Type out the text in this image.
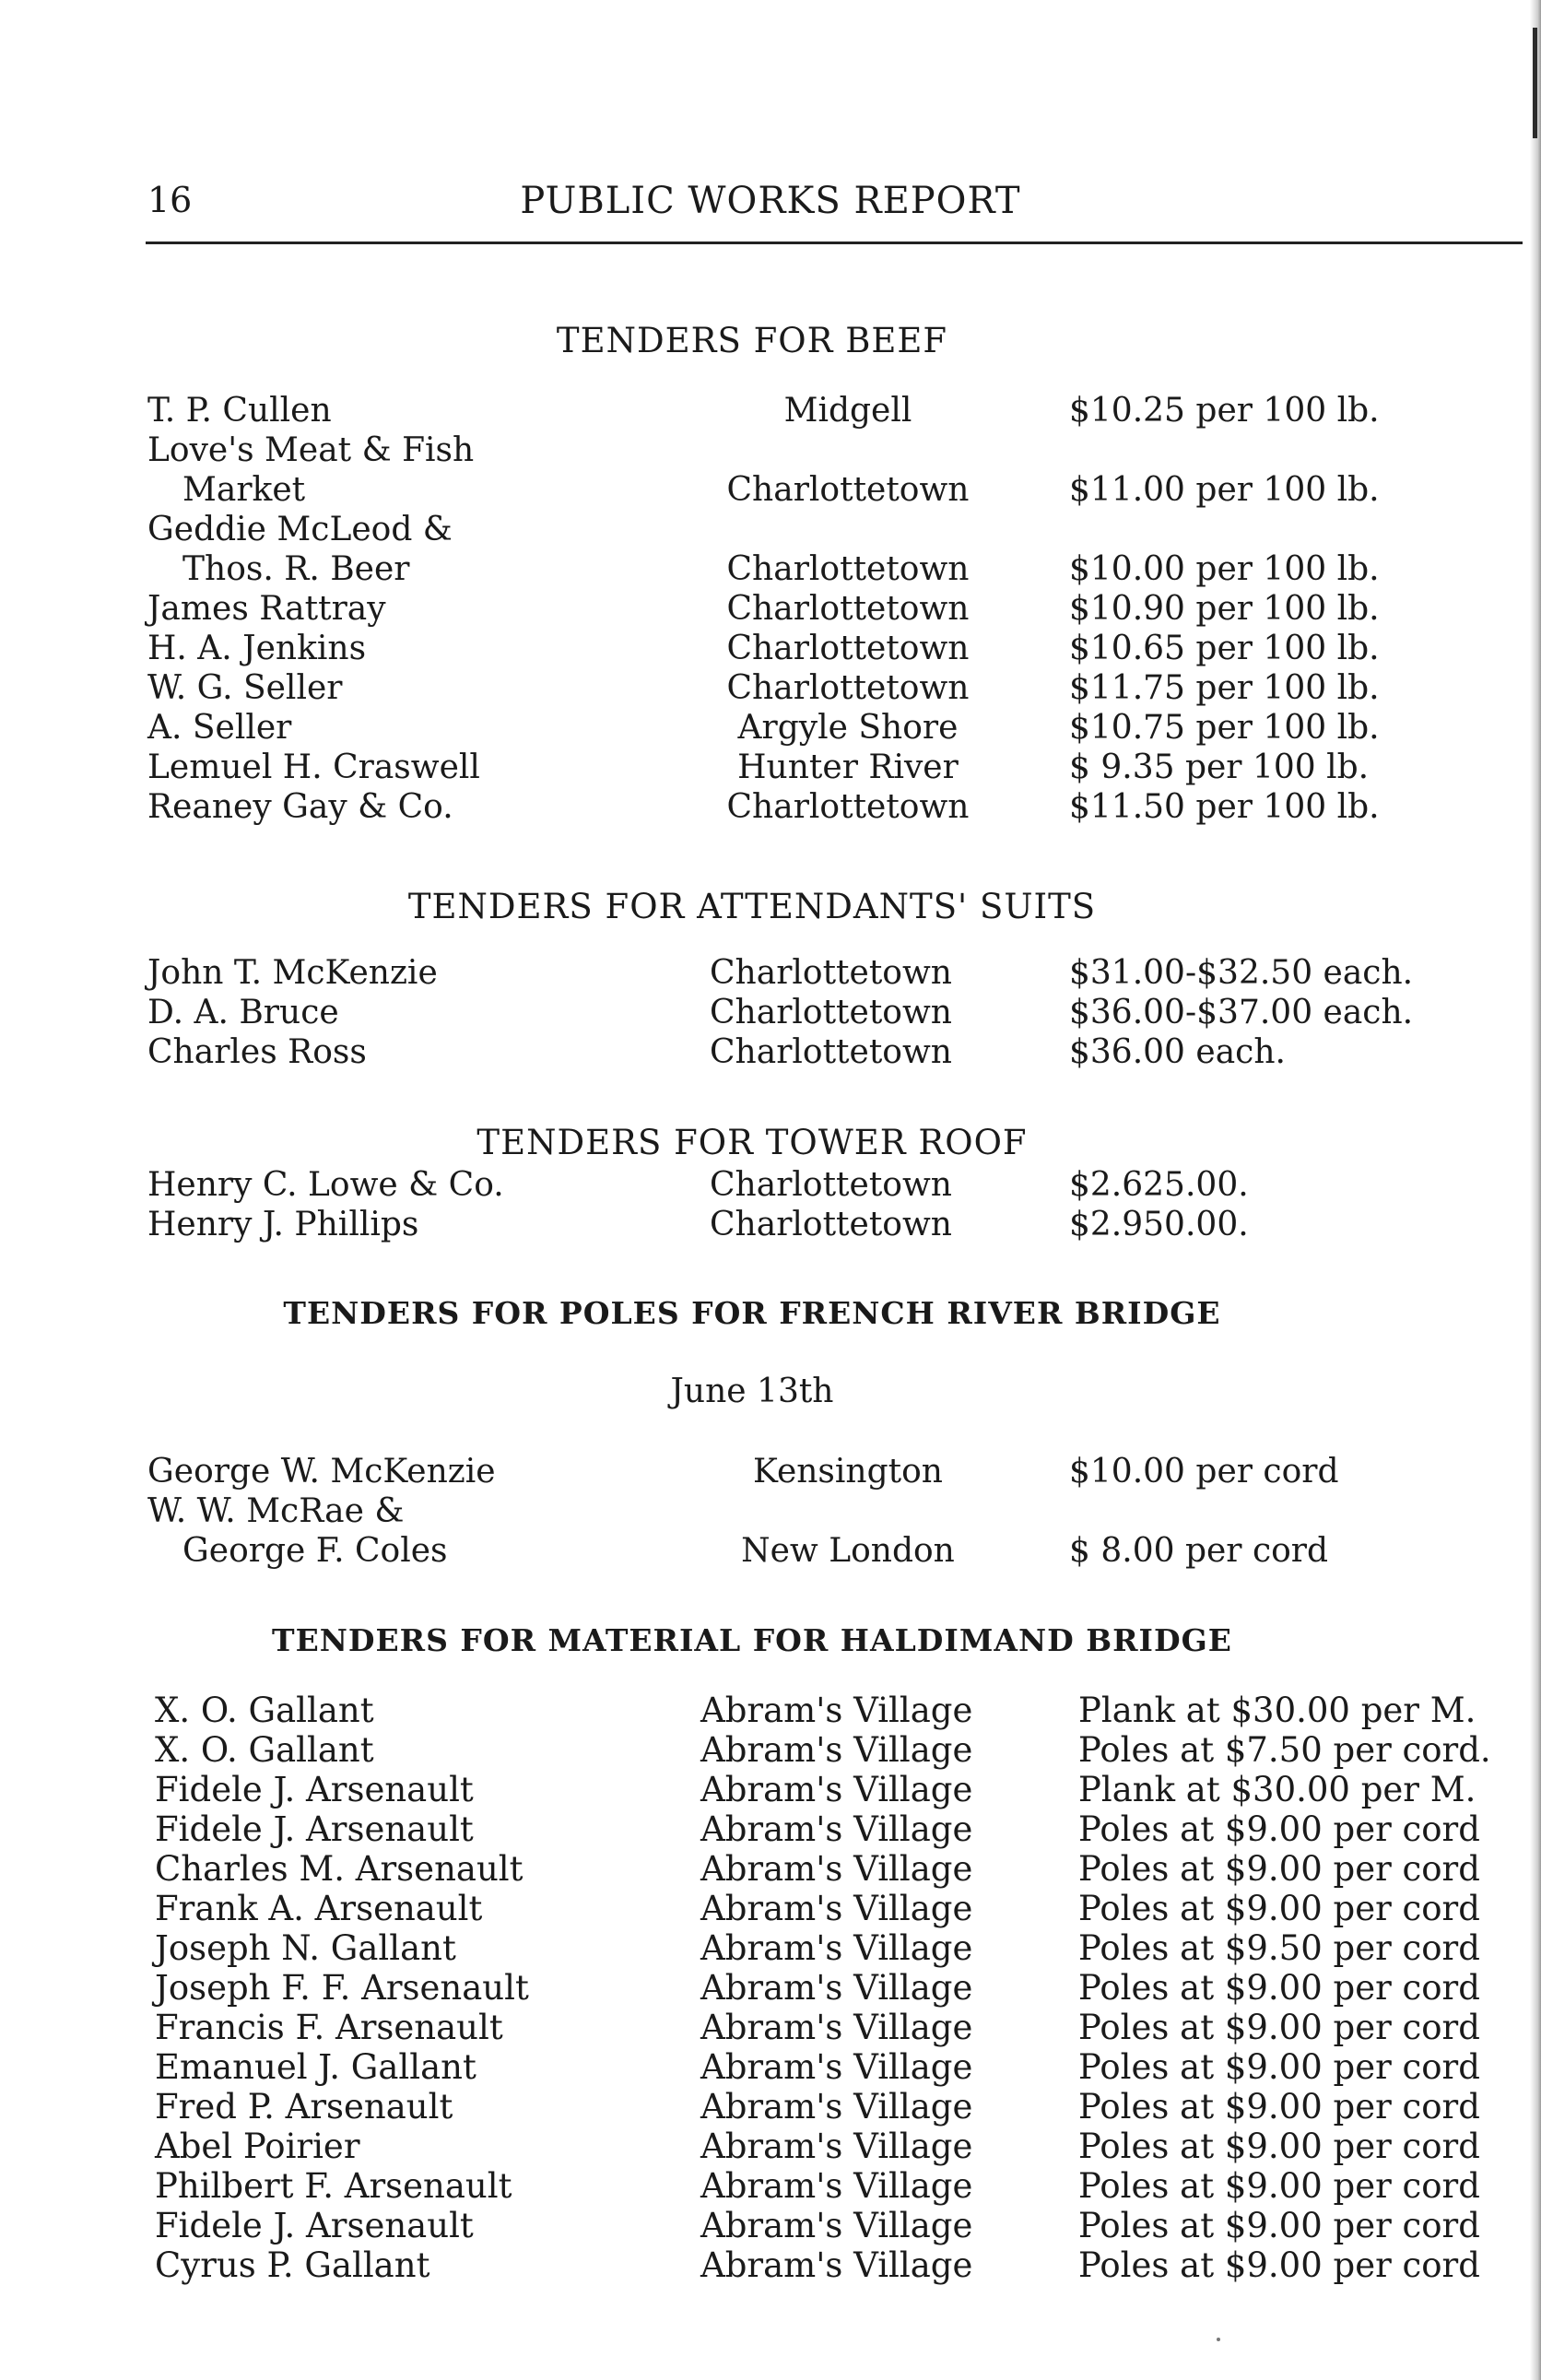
16	PUBLIC WORKS REPORT
TENDERS FOR BEEF
T. P. Cullen	Midgell	$10.25 per 100 lb.
Love's Meat & Fish
Market	Charlottetown	$11.00 per 100 lb.
Geddie McLeod &
Thos. R. Beer	Charlottetown	$10.00 per 100 lb.
James Rattray	Charlottetown	$10.90 per 100 lb.
H. A. Jenkins	Charlottetown	$10.65 per 100 lb.
W. G. Seller	Charlottetown	$11.75 per 100 lb.
A. Seller	Argyle Shore	$10.75 per 100 lb.
Lemuel H. Craswell	Hunter River	$ 9.35 per 100 lb.
Reaney Gay & Co.	Charlottetown	$11.50 per 100 lb.
TENDERS FOR ATTENDANTS' SUITS
John T. McKenzie	Charlottetown	$31.00-$32.50 each.
D. A. Bruce	Charlottetown	$36.00-$37.00 each.
Charles Ross	Charlottetown	$36.00 each.
TENDERS FOR TOWER ROOF
Henry C. Lowe & Co.	Charlottetown	$2.625.00.
Henry J. Phillips	Charlottetown	$2.950.00.
TENDERS FOR POLES FOR FRENCH RIVER BRIDGE
June 13th
George W. McKenzie	Kensington	$10.00 per cord
W. W. McRae &
George F. Coles	New London	$ 8.00 per cord
TENDERS FOR MATERIAL FOR HALDIMAND BRIDGE
X. O. Gallant	Abram's Village	Plank at $30.00 per M.
X. O. Gallant	Abram's Village	Poles at $7.50 per cord.
Fidele J. Arsenault	Abram's Village	Plank at $30.00 per M.
Fidele J. Arsenault	Abram's Village	Poles at $9.00 per cord
Charles M. Arsenault	Abram's Village	Poles at $9.00 per cord
Frank A. Arsenault	Abram's Village	Poles at $9.00 per cord
Joseph N. Gallant	Abram's Village	Poles at $9.50 per cord
Joseph F. F. Arsenault	Abram's Village	Poles at $9.00 per cord
Francis F. Arsenault	Abram's Village	Poles at $9.00 per cord
Emanuel J. Gallant	Abram's Village	Poles at $9.00 per cord
Fred P. Arsenault	Abram's Village	Poles at $9.00 per cord
Abel Poirier	Abram's Village	Poles at $9.00 per cord
Philbert F. Arsenault	Abram's Village	Poles at $9.00 per cord
Fidele J. Arsenault	Abram's Village	Poles at $9.00 per cord
Cyrus P. Gallant	Abram's Village	Poles at $9.00 per cord
